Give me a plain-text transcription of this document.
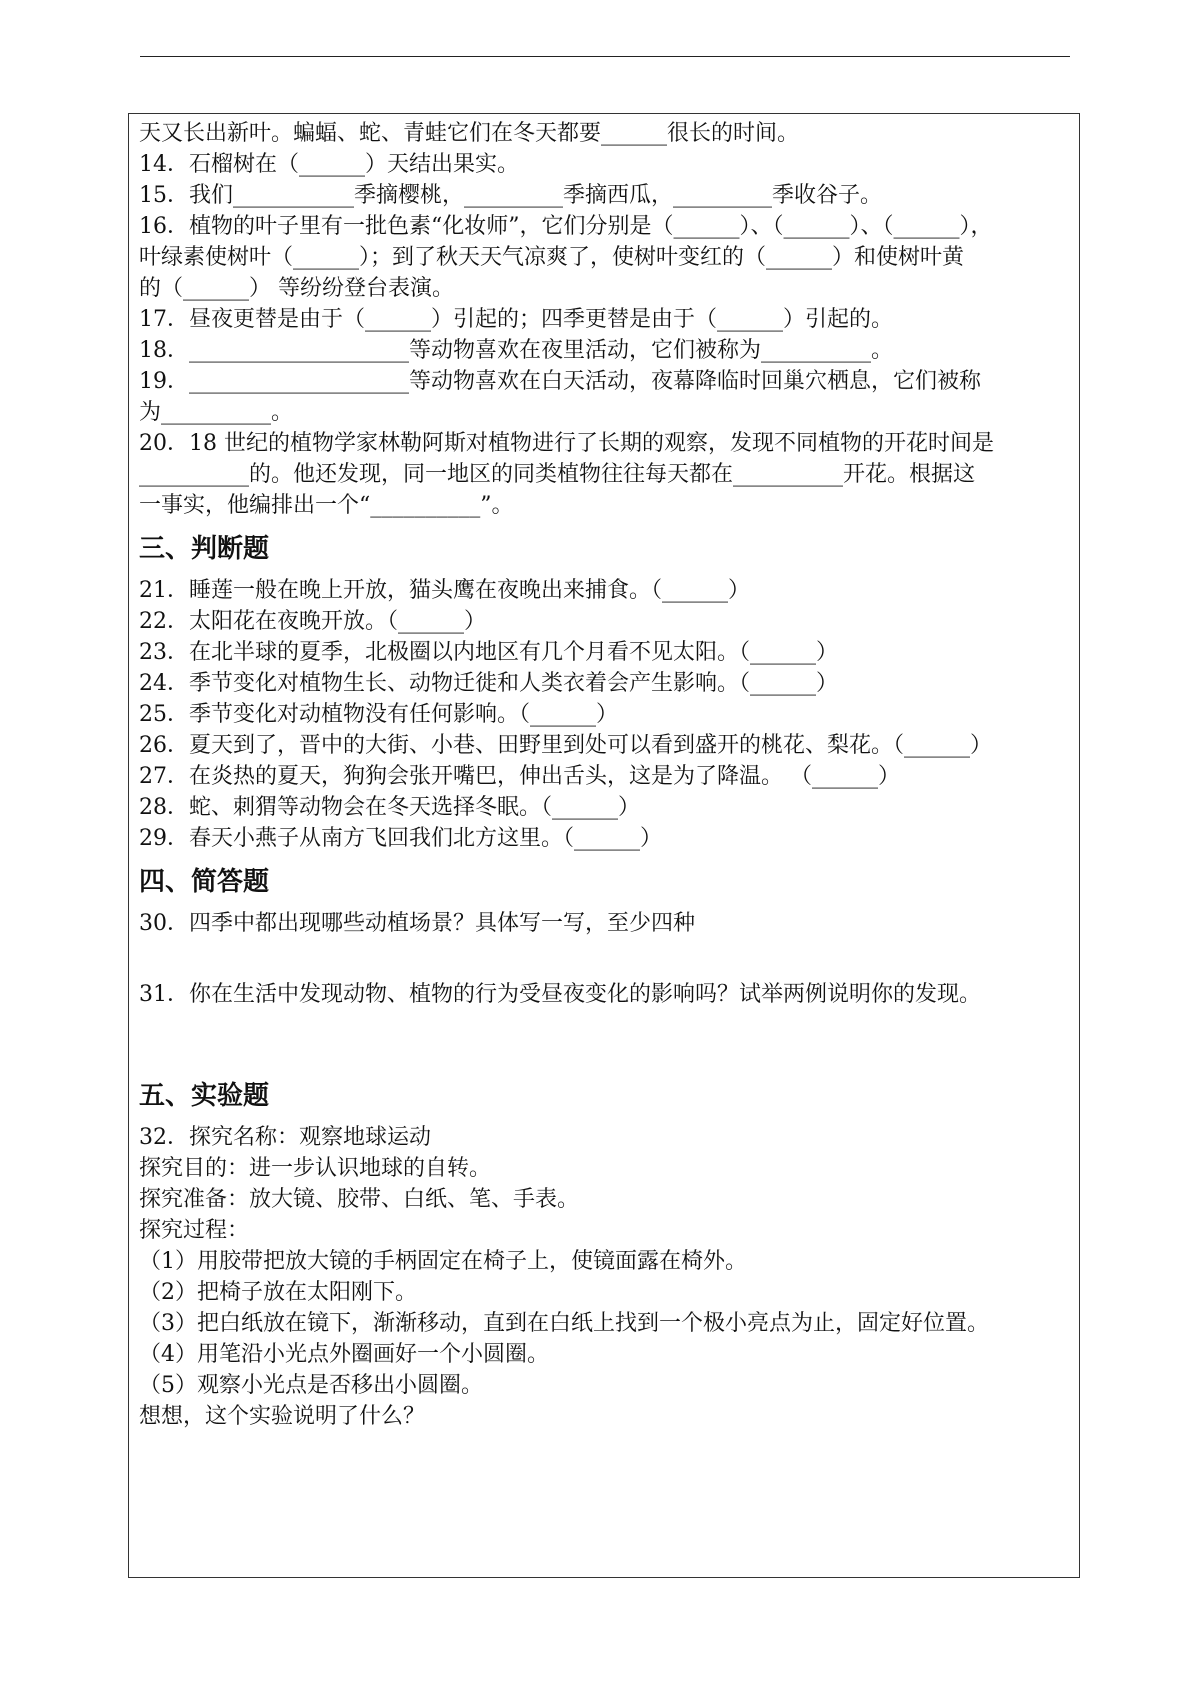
天又长出新叶。蝙蝠、蛇、青蛙它们在冬天都要______很长的时间。
14．石榴树在（______）天结出果实。
15．我们___________季摘樱桃，_________季摘西瓜，_________季收谷子。
16．植物的叶子里有一批色素“化妆师”，它们分别是（______）、（______）、（______），
叶绿素使树叶（______）；到了秋天天气凉爽了，使树叶变红的（______）和使树叶黄
的（______） 等纷纷登台表演。
17．昼夜更替是由于（______）引起的；四季更替是由于（______）引起的。
18．____________________等动物喜欢在夜里活动，它们被称为__________。
19．____________________等动物喜欢在白天活动，夜幕降临时回巢穴栖息，它们被称
为__________。
20．18 世纪的植物学家林勒阿斯对植物进行了长期的观察，发现不同植物的开花时间是
__________的。他还发现，同一地区的同类植物往往每天都在__________开花。根据这
一事实，他编排出一个“__________”。
三、判断题
21．睡莲一般在晚上开放，猫头鹰在夜晚出来捕食。（______）
22．太阳花在夜晚开放。（______）
23．在北半球的夏季，北极圈以内地区有几个月看不见太阳。（______）
24．季节变化对植物生长、动物迁徙和人类衣着会产生影响。（______）
25．季节变化对动植物没有任何影响。（______）
26．夏天到了，晋中的大街、小巷、田野里到处可以看到盛开的桃花、梨花。（______）
27．在炎热的夏天，狗狗会张开嘴巴，伸出舌头，这是为了降温。 （______）
28．蛇、刺猬等动物会在冬天选择冬眠。（______）
29．春天小燕子从南方飞回我们北方这里。（______）
四、简答题
30．四季中都出现哪些动植场景？具体写一写，至少四种
31．你在生活中发现动物、植物的行为受昼夜变化的影响吗？试举两例说明你的发现。
五、实验题
32．探究名称：观察地球运动
探究目的：进一步认识地球的自转。
探究准备：放大镜、胶带、白纸、笔、手表。
探究过程：
（1）用胶带把放大镜的手柄固定在椅子上，使镜面露在椅外。
（2）把椅子放在太阳刚下。
（3）把白纸放在镜下，渐渐移动，直到在白纸上找到一个极小亮点为止，固定好位置。
（4）用笔沿小光点外圈画好一个小圆圈。
（5）观察小光点是否移出小圆圈。
想想，这个实验说明了什么？
